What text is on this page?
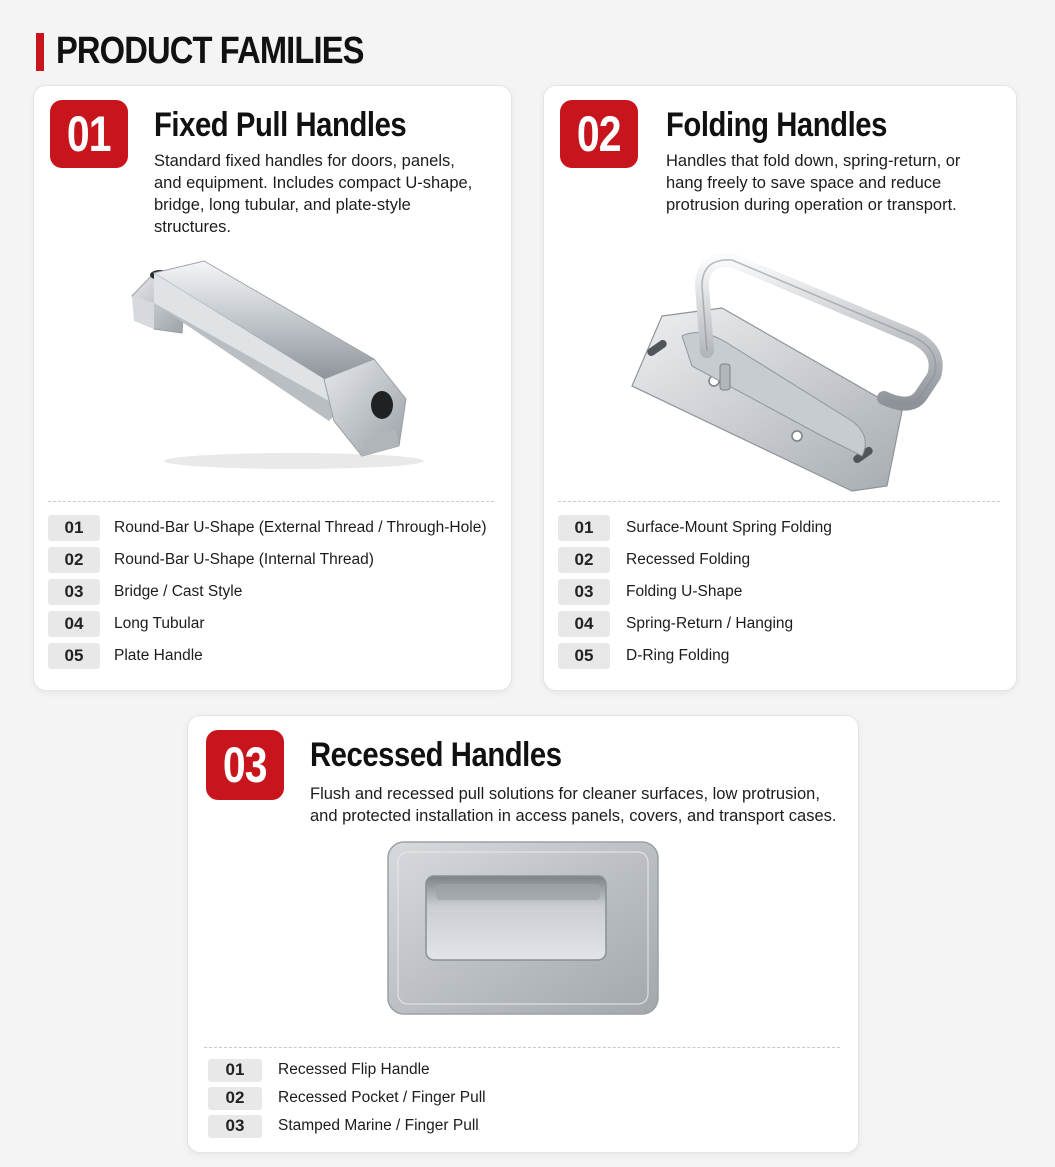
PRODUCT FAMILIES
01 Fixed Pull Handles
Standard fixed handles for doors, panels, and equipment. Includes compact U-shape, bridge, long tubular, and plate-style structures.
01	Round-Bar U-Shape (External Thread / Through-Hole)
02	Round-Bar U-Shape (Internal Thread)
03	Bridge / Cast Style
04	Long Tubular
05	Plate Handle
02 Folding Handles
Handles that fold down, spring-return, or hang freely to save space and reduce protrusion during operation or transport.
01	Surface-Mount Spring Folding
02	Recessed Folding
03	Folding U-Shape
04	Spring-Return / Hanging
05	D-Ring Folding
03 Recessed Handles
Flush and recessed pull solutions for cleaner surfaces, low protrusion, and protected installation in access panels, covers, and transport cases.
01	Recessed Flip Handle
02	Recessed Pocket / Finger Pull
03	Stamped Marine / Finger Pull
